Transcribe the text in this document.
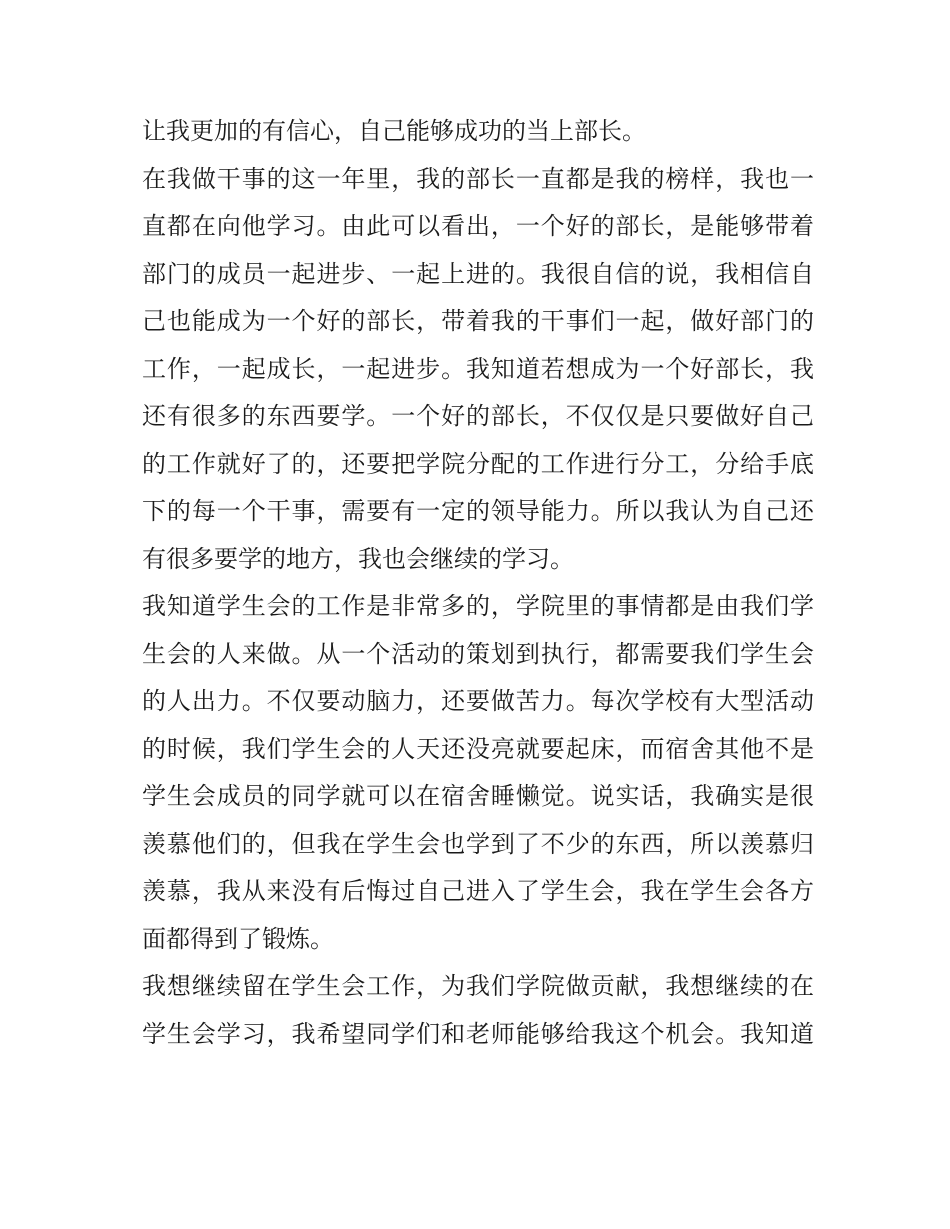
让我更加的有信心，自己能够成功的当上部长。
在我做干事的这一年里，我的部长一直都是我的榜样，我也一
直都在向他学习。由此可以看出，一个好的部长，是能够带着
部门的成员一起进步、一起上进的。我很自信的说，我相信自
己也能成为一个好的部长，带着我的干事们一起，做好部门的
工作，一起成长，一起进步。我知道若想成为一个好部长，我
还有很多的东西要学。一个好的部长，不仅仅是只要做好自己
的工作就好了的，还要把学院分配的工作进行分工，分给手底
下的每一个干事，需要有一定的领导能力。所以我认为自己还
有很多要学的地方，我也会继续的学习。
我知道学生会的工作是非常多的，学院里的事情都是由我们学
生会的人来做。从一个活动的策划到执行，都需要我们学生会
的人出力。不仅要动脑力，还要做苦力。每次学校有大型活动
的时候，我们学生会的人天还没亮就要起床，而宿舍其他不是
学生会成员的同学就可以在宿舍睡懒觉。说实话，我确实是很
羡慕他们的，但我在学生会也学到了不少的东西，所以羡慕归
羡慕，我从来没有后悔过自己进入了学生会，我在学生会各方
面都得到了锻炼。
我想继续留在学生会工作，为我们学院做贡献，我想继续的在
学生会学习，我希望同学们和老师能够给我这个机会。我知道
